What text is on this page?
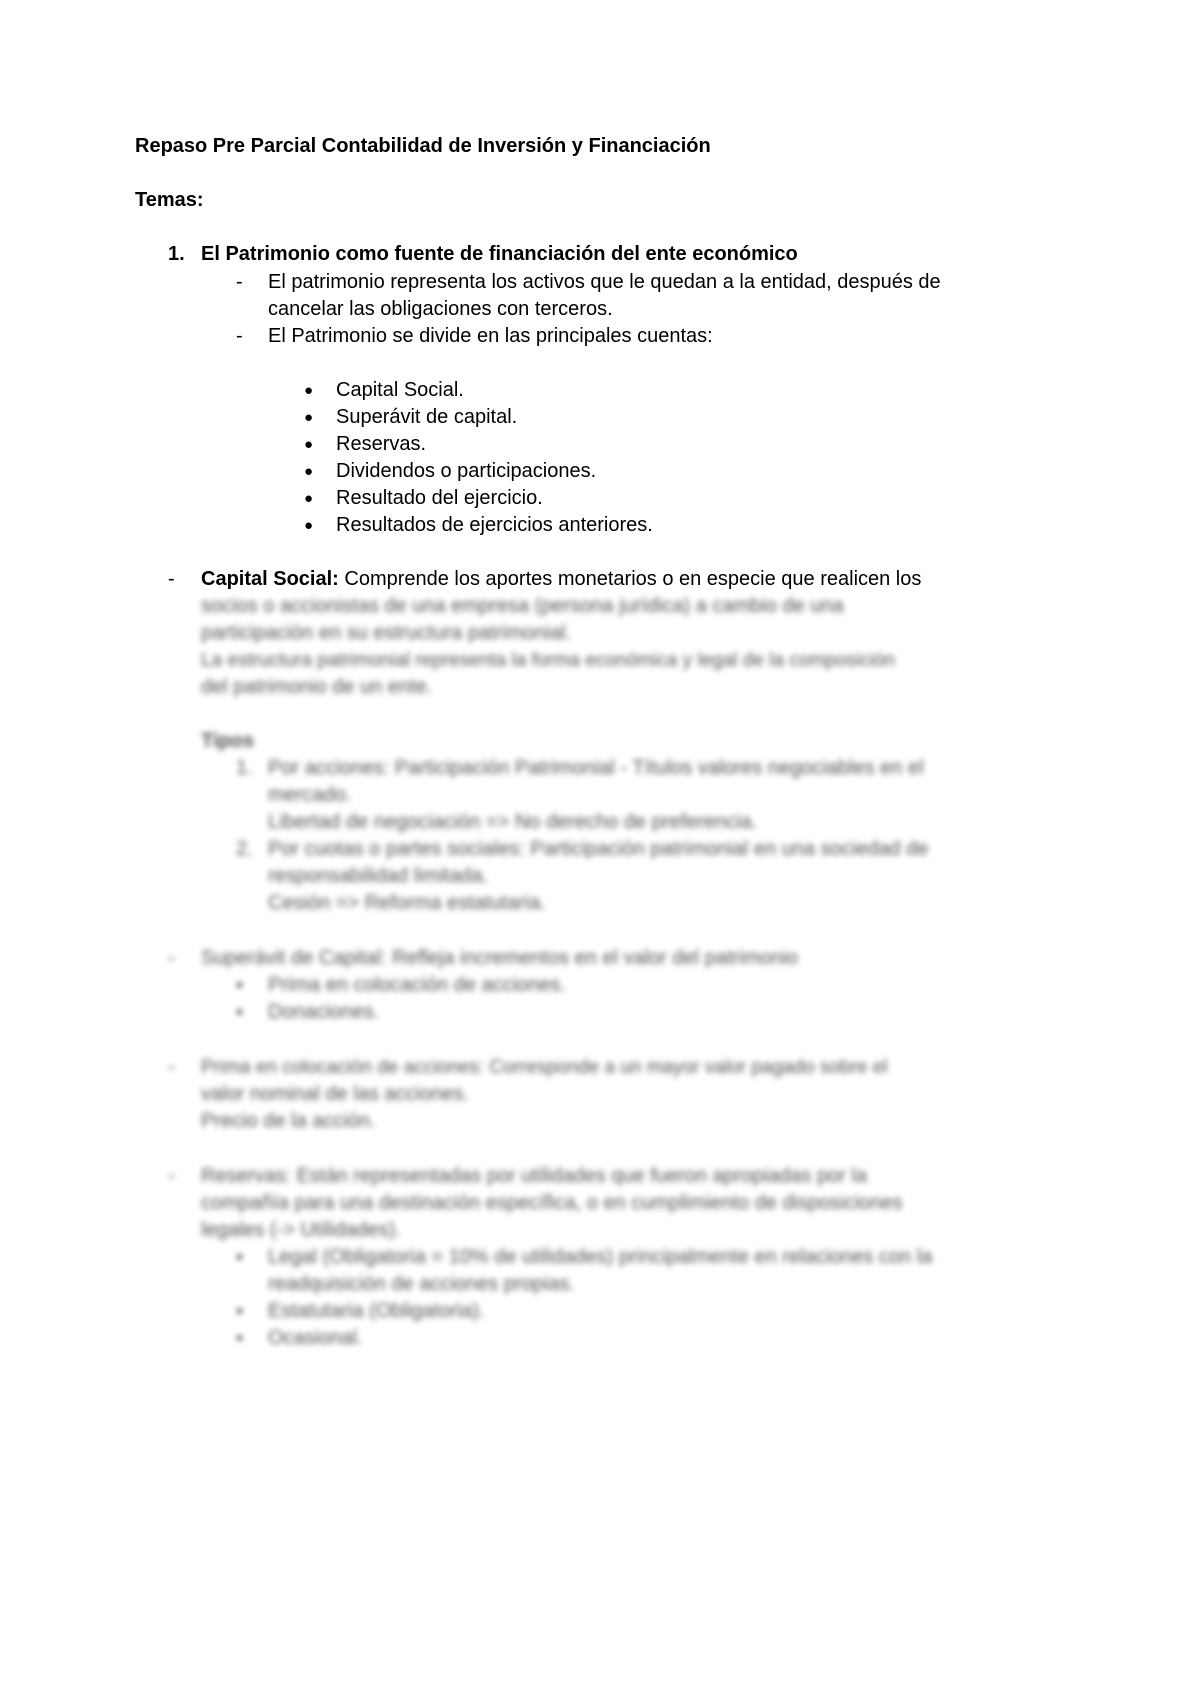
Repaso Pre Parcial Contabilidad de Inversión y Financiación
Temas:
1. El Patrimonio como fuente de financiación del ente económico
- El patrimonio representa los activos que le quedan a la entidad, después de
cancelar las obligaciones con terceros.
- El Patrimonio se divide en las principales cuentas:
● Capital Social.
● Superávit de capital.
● Reservas.
● Dividendos o participaciones.
● Resultado del ejercicio.
● Resultados de ejercicios anteriores.
- Capital Social: Comprende los aportes monetarios o en especie que realicen los
socios o accionistas de una empresa (persona jurídica) a cambio de una
participación en su estructura patrimonial.
La estructura patrimonial representa la forma económica y legal de la composición
del patrimonio de un ente.
Tipos
1. Por acciones: Participación Patrimonial - Títulos valores negociables en el
mercado.
Libertad de negociación => No derecho de preferencia.
2. Por cuotas o partes sociales: Participación patrimonial en una sociedad de
responsabilidad limitada.
Cesión => Reforma estatutaria.
- Superávit de Capital: Refleja incrementos en el valor del patrimonio
▪ Prima en colocación de acciones.
▪ Donaciones.
- Prima en colocación de acciones: Corresponde a un mayor valor pagado sobre el
valor nominal de las acciones.
Precio de la acción.
- Reservas: Están representadas por utilidades que fueron apropiadas por la
compañía para una destinación específica, o en cumplimiento de disposiciones
legales (-> Utilidades).
▪ Legal (Obligatoria = 10% de utilidades) principalmente en relaciones con la
readquisición de acciones propias.
▪ Estatutaria (Obligatoria).
▪ Ocasional.
